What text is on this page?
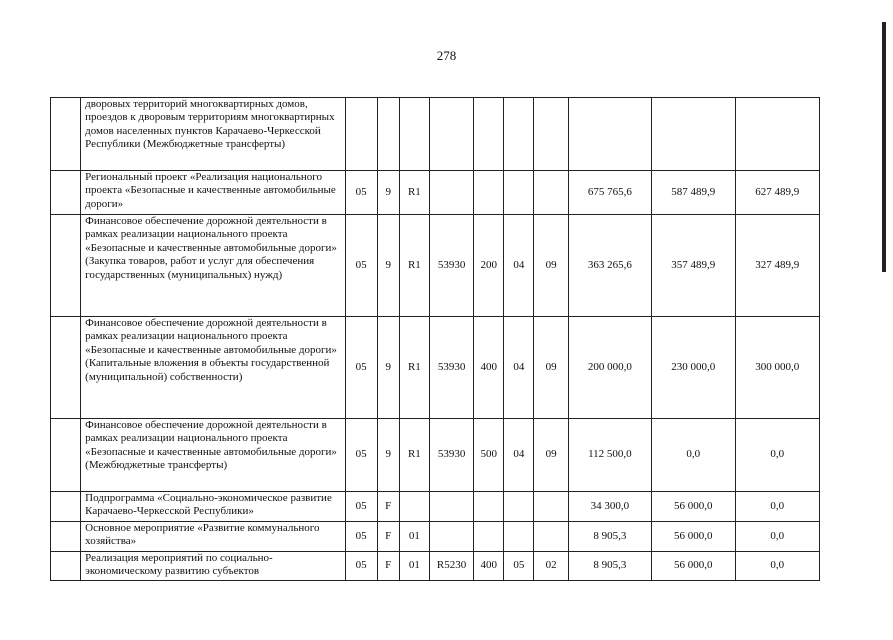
278
	дворовых территорий многоквартирных домов, проездов к дворовым территориям многоквартирных домов населенных пунктов Карачаево-Черкесской Республики (Межбюджетные трансферты)										
	Региональный проект «Реализация национального проекта «Безопасные и качественные автомобильные дороги»	05	9	R1					675 765,6	587 489,9	627 489,9
	Финансовое обеспечение дорожной деятельности в рамках реализации национального проекта «Безопасные и качественные автомобильные дороги» (Закупка товаров, работ и услуг для обеспечения государственных (муниципальных) нужд)	05	9	R1	53930	200	04	09	363 265,6	357 489,9	327 489,9
	Финансовое обеспечение дорожной деятельности в рамках реализации национального проекта «Безопасные и качественные автомобильные дороги» (Капитальные вложения в объекты государственной (муниципальной) собственности)	05	9	R1	53930	400	04	09	200 000,0	230 000,0	300 000,0
	Финансовое обеспечение дорожной деятельности в рамках реализации национального проекта «Безопасные и качественные автомобильные дороги» (Межбюджетные трансферты)	05	9	R1	53930	500	04	09	112 500,0	0,0	0,0
	Подпрограмма «Социально-экономическое развитие Карачаево-Черкесской Республики»	05	F						34 300,0	56 000,0	0,0
	Основное мероприятие «Развитие коммунального хозяйства»	05	F	01					8 905,3	56 000,0	0,0
	Реализация мероприятий по социально-экономическому развитию субъектов	05	F	01	R5230	400	05	02	8 905,3	56 000,0	0,0
